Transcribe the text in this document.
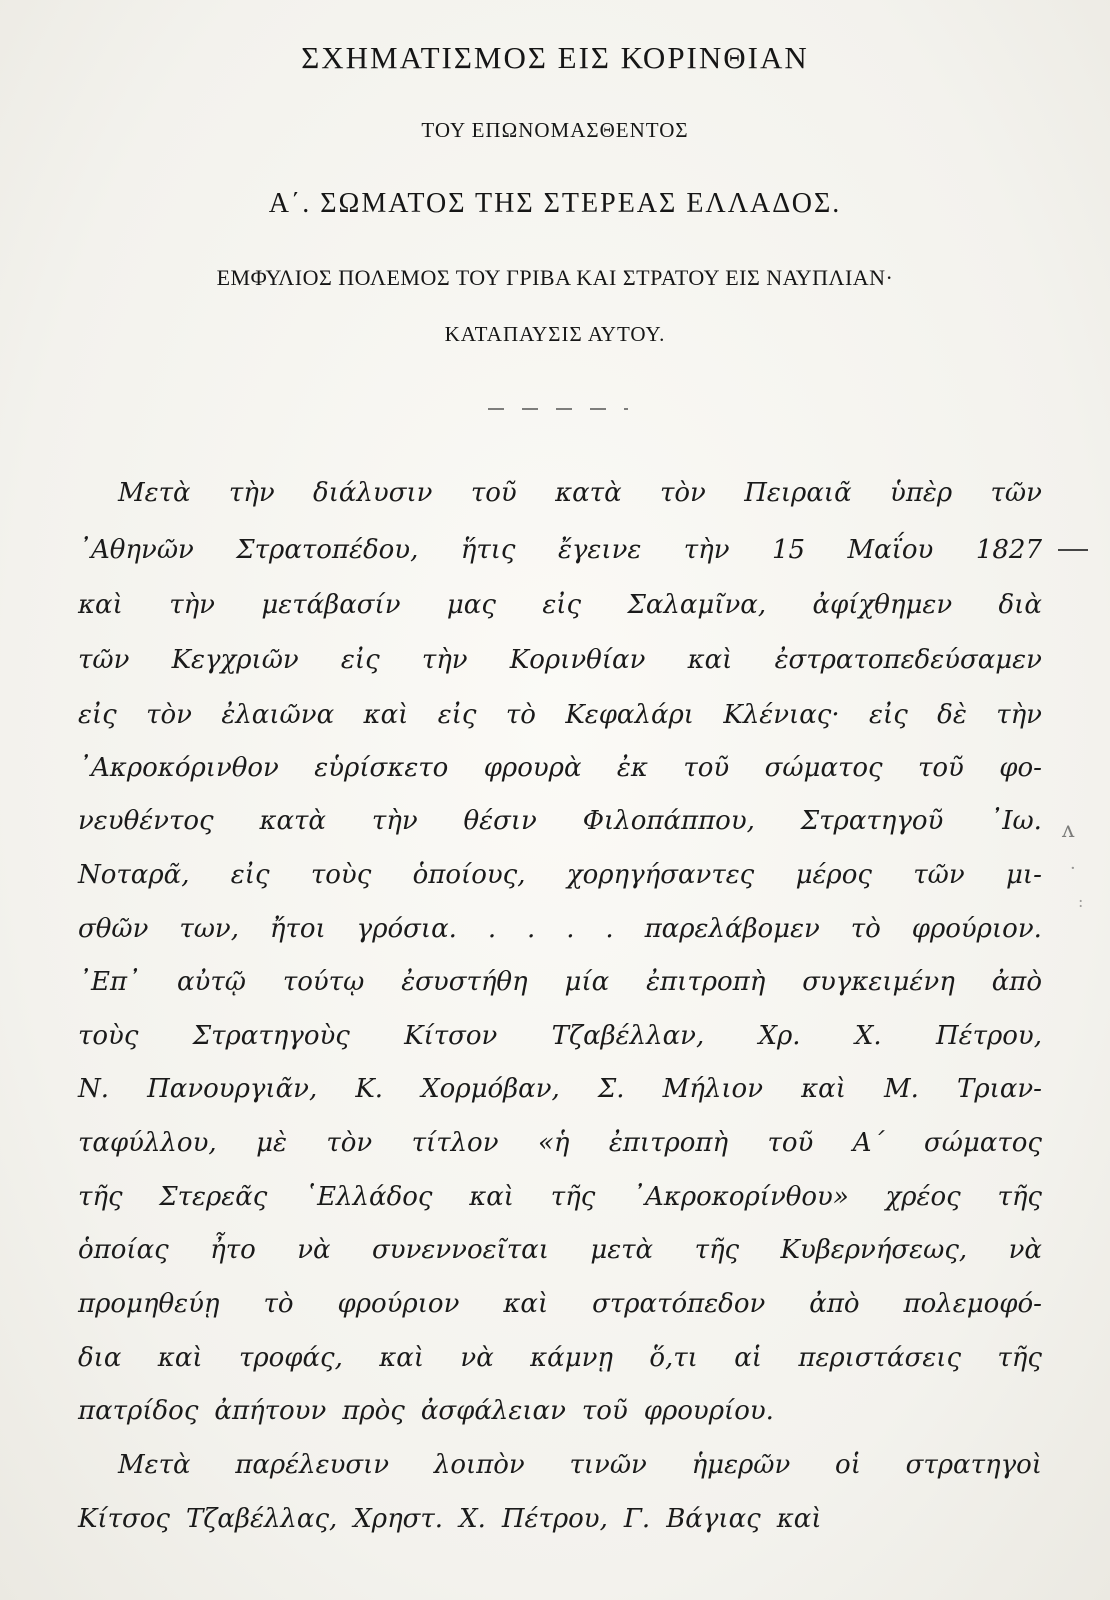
ΣΧΗΜΑΤΙΣΜΟΣ ΕΙΣ ΚΟΡΙΝΘΙΑΝ
ΤΟΥ ΕΠΩΝΟΜΑΣΘΕΝΤΟΣ
Α΄. ΣΩΜΑΤΟΣ ΤΗΣ ΣΤΕΡΕΑΣ ΕΛΛΑΔΟΣ.
ΕΜΦΥΛΙΟΣ ΠΟΛΕΜΟΣ ΤΟΥ ΓΡΙΒΑ ΚΑΙ ΣΤΡΑΤΟΥ ΕΙΣ ΝΑΥΠΛΙΑΝ·
ΚΑΤΑΠΑΥΣΙΣ ΑΥΤΟΥ.
Μετὰ τὴν διάλυσιν τοῦ κατὰ τὸν Πειραιᾶ ὑπὲρ τῶν
᾿Αθηνῶν Στρατοπέδου, ἥτις ἔγεινε τὴν 15 Μαΐου 1827
καὶ τὴν μετάβασίν μας εἰς Σαλαμῖνα, ἀφίχθημεν διὰ
τῶν Κεγχριῶν εἰς τὴν Κορινθίαν καὶ ἐστρατοπεδεύσαμεν
εἰς τὸν ἐλαιῶνα καὶ εἰς τὸ Κεφαλάρι Κλένιας· εἰς δὲ τὴν
᾿Ακροκόρινθον εὑρίσκετο φρουρὰ ἐκ τοῦ σώματος τοῦ φο-
νευθέντος κατὰ τὴν θέσιν Φιλοπάππου, Στρατηγοῦ ᾿Ιω.
Νοταρᾶ, εἰς τοὺς ὁποίους, χορηγήσαντες μέρος τῶν μι-
σθῶν των, ἤτοι γρόσια. . . . . παρελάβομεν τὸ φρούριον.
᾿Επ᾽ αὐτῷ τούτῳ ἐσυστήθη μία ἐπιτροπὴ συγκειμένη ἀπὸ
τοὺς Στρατηγοὺς Κίτσον Τζαβέλλαν, Χρ. Χ. Πέτρου,
Ν. Πανουργιᾶν, Κ. Χορμόβαν, Σ. Μήλιον καὶ Μ. Τριαν-
ταφύλλου, μὲ τὸν τίτλον «ἡ ἐπιτροπὴ τοῦ Α΄ σώματος
τῆς Στερεᾶς ῾Ελλάδος καὶ τῆς ᾿Ακροκορίνθου» χρέος τῆς
ὁποίας ἦτο νὰ συνεννοεῖται μετὰ τῆς Κυβερνήσεως, νὰ
προμηθεύῃ τὸ φρούριον καὶ στρατόπεδον ἀπὸ πολεμοφό-
δια καὶ τροφάς, καὶ νὰ κάμνῃ ὅ,τι αἱ περιστάσεις τῆς
πατρίδος ἀπήτουν πρὸς ἀσφάλειαν τοῦ φρουρίου.
Μετὰ παρέλευσιν λοιπὸν τινῶν ἡμερῶν οἱ στρατηγοὶ
Κίτσος Τζαβέλλας, Χρηστ. Χ. Πέτρου, Γ. Βάγιας καὶ
ʌ
·
:
